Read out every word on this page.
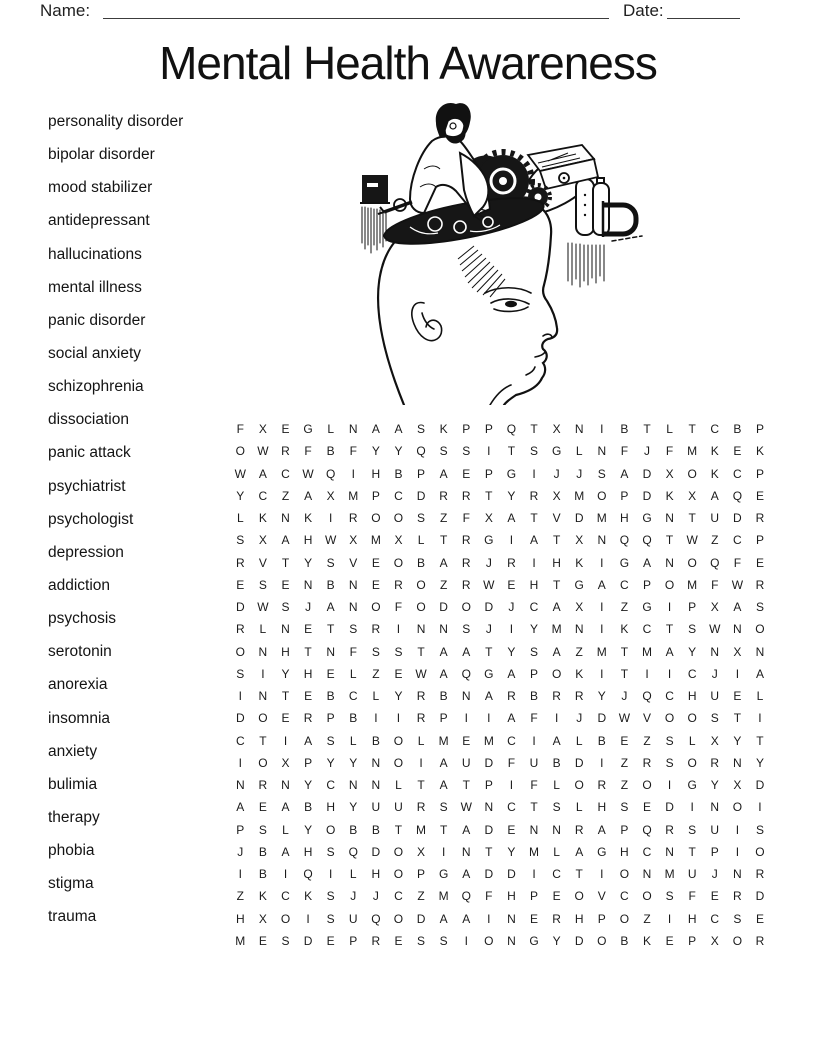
Name:	Date:
Mental Health Awareness
personality disorder
bipolar disorder
mood stabilizer
antidepressant
hallucinations
mental illness
panic disorder
social anxiety
schizophrenia
dissociation
panic attack
psychiatrist
psychologist
depression
addiction
psychosis
serotonin
anorexia
insomnia
anxiety
bulimia
therapy
phobia
stigma
trauma
F	X	E	G	L	N	A	A	S	K	P	P	Q	T	X	N	I	B	T	L	T	C	B	P
O	W	R	F	B	F	Y	Y	Q	S	S	I	T	S	G	L	N	F	J	F	M	K	E	K
W	A	C	W	Q	I	H	B	P	A	E	P	G	I	J	J	S	A	D	X	O	K	C	P
Y	C	Z	A	X	M	P	C	D	R	R	T	Y	R	X	M	O	P	D	K	X	A	Q	E
L	K	N	K	I	R	O	O	S	Z	F	X	A	T	V	D	M	H	G	N	T	U	D	R
S	X	A	H	W	X	M	X	L	T	R	G	I	A	T	X	N	Q	Q	T	W	Z	C	P
R	V	T	Y	S	V	E	O	B	A	R	J	R	I	H	K	I	G	A	N	O	Q	F	E
E	S	E	N	B	N	E	R	O	Z	R	W	E	H	T	G	A	C	P	O	M	F	W	R
D	W	S	J	A	N	O	F	O	D	O	D	J	C	A	X	I	Z	G	I	P	X	A	S
R	L	N	E	T	S	R	I	N	N	S	J	I	Y	M	N	I	K	C	T	S	W	N	O
O	N	H	T	N	F	S	S	T	A	A	T	Y	S	A	Z	M	T	M	A	Y	N	X	N
S	I	Y	H	E	L	Z	E	W	A	Q	G	A	P	O	K	I	T	I	I	C	J	I	A
I	N	T	E	B	C	L	Y	R	B	N	A	R	B	R	R	Y	J	Q	C	H	U	E	L
D	O	E	R	P	B	I	I	R	P	I	I	A	F	I	J	D	W	V	O	O	S	T	I
C	T	I	A	S	L	B	O	L	M	E	M	C	I	A	L	B	E	Z	S	L	X	Y	T
I	O	X	P	Y	Y	N	O	I	A	U	D	F	U	B	D	I	Z	R	S	O	R	N	Y
N	R	N	Y	C	N	N	L	T	A	T	P	I	F	L	O	R	Z	O	I	G	Y	X	D
A	E	A	B	H	Y	U	U	R	S	W	N	C	T	S	L	H	S	E	D	I	N	O	I
P	S	L	Y	O	B	B	T	M	T	A	D	E	N	N	R	A	P	Q	R	S	U	I	S
J	B	A	H	S	Q	D	O	X	I	N	T	Y	M	L	A	G	H	C	N	T	P	I	O
I	B	I	Q	I	L	H	O	P	G	A	D	D	I	C	T	I	O	N	M	U	J	N	R
Z	K	C	K	S	J	J	C	Z	M	Q	F	H	P	E	O	V	C	O	S	F	E	R	D
H	X	O	I	S	U	Q	O	D	A	A	I	N	E	R	H	P	O	Z	I	H	C	S	E
M	E	S	D	E	P	R	E	S	S	I	O	N	G	Y	D	O	B	K	E	P	X	O	R
